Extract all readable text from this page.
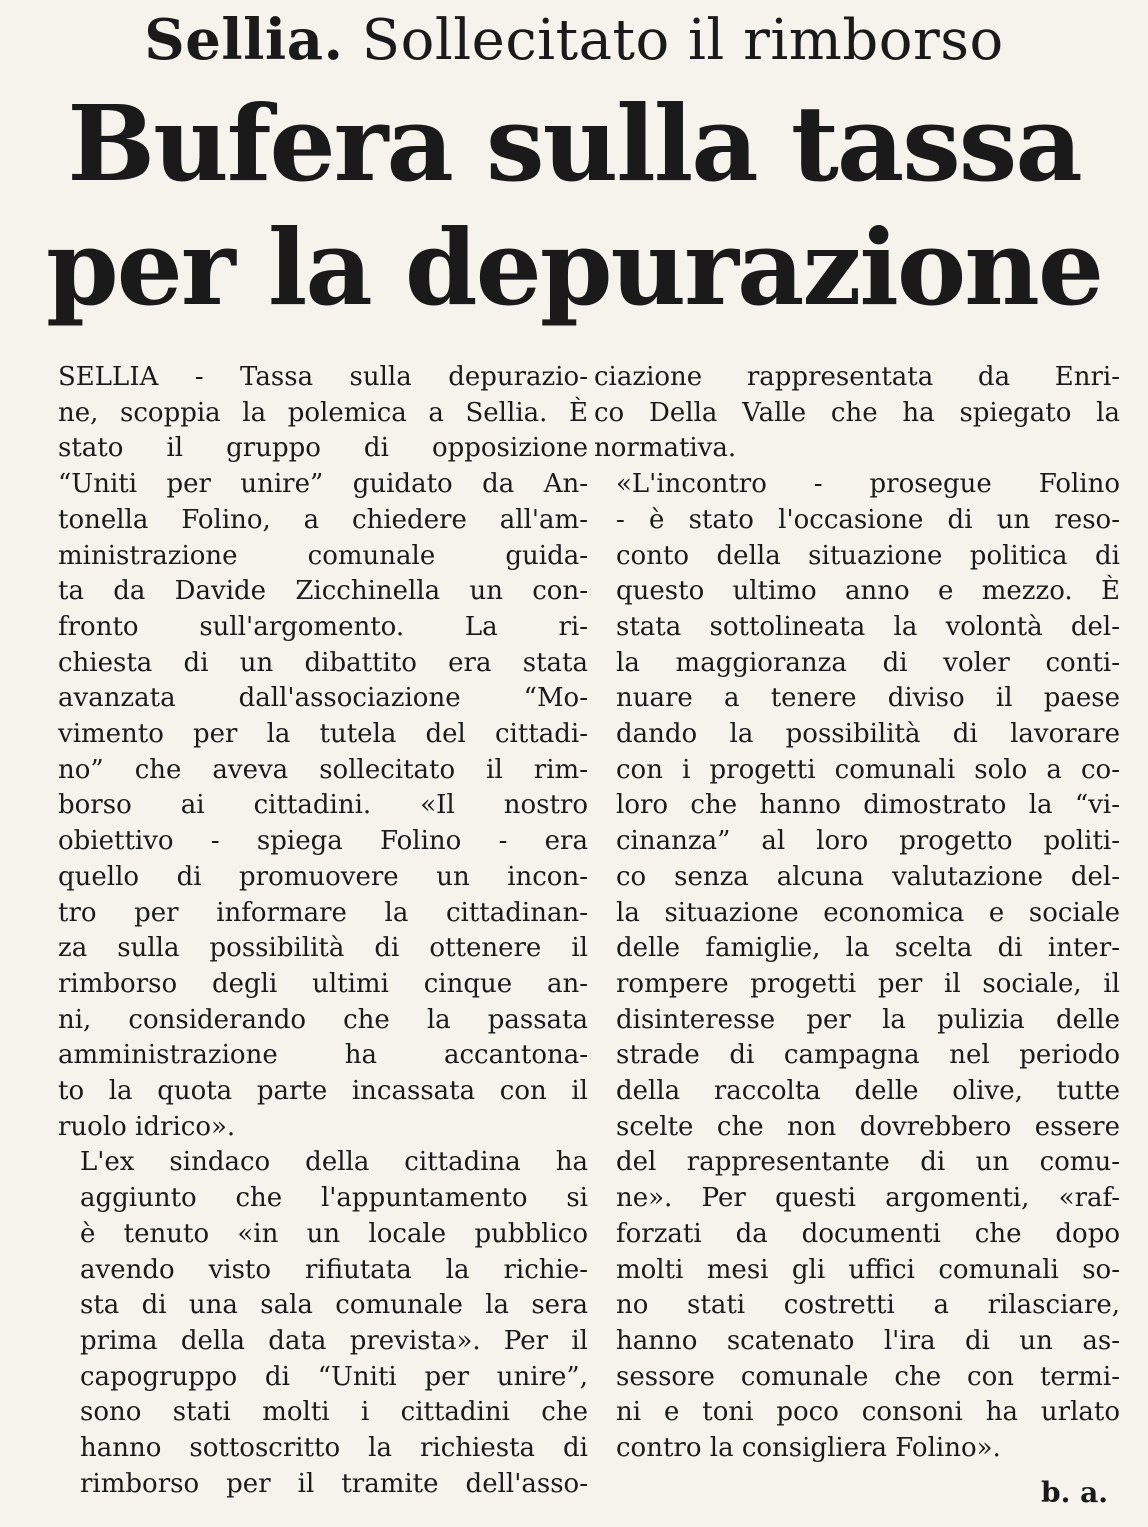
Sellia. Sollecitato il rimborso
Bufera sulla tassa
per la depurazione

SELLIA - Tassa sulla depurazio-
ne, scoppia la polemica a Sellia. È
stato il gruppo di opposizione
“Uniti per unire” guidato da An-
tonella Folino, a chiedere all'am-
ministrazione comunale guida-
ta da Davide Zicchinella un con-
fronto sull'argomento. La ri-
chiesta di un dibattito era stata
avanzata dall'associazione “Mo-
vimento per la tutela del cittadi-
no” che aveva sollecitato il rim-
borso ai cittadini. «Il nostro
obiettivo - spiega Folino - era
quello di promuovere un incon-
tro per informare la cittadinan-
za sulla possibilità di ottenere il
rimborso degli ultimi cinque an-
ni, considerando che la passata
amministrazione ha accantona-
to la quota parte incassata con il
ruolo idrico».

L'ex sindaco della cittadina ha
aggiunto che l'appuntamento si
è tenuto «in un locale pubblico
avendo visto rifiutata la richie-
sta di una sala comunale la sera
prima della data prevista». Per il
capogruppo di “Uniti per unire”,
sono stati molti i cittadini che
hanno sottoscritto la richiesta di
rimborso per il tramite dell'asso-

ciazione rappresentata da Enri-
co Della Valle che ha spiegato la
normativa.

«L'incontro - prosegue Folino
- è stato l'occasione di un reso-
conto della situazione politica di
questo ultimo anno e mezzo. È
stata sottolineata la volontà del-
la maggioranza di voler conti-
nuare a tenere diviso il paese
dando la possibilità di lavorare
con i progetti comunali solo a co-
loro che hanno dimostrato la “vi-
cinanza” al loro progetto politi-
co senza alcuna valutazione del-
la situazione economica e sociale
delle famiglie, la scelta di inter-
rompere progetti per il sociale, il
disinteresse per la pulizia delle
strade di campagna nel periodo
della raccolta delle olive, tutte
scelte che non dovrebbero essere
del rappresentante di un comu-
ne». Per questi argomenti, «raf-
forzati da documenti che dopo
molti mesi gli uffici comunali so-
no stati costretti a rilasciare,
hanno scatenato l'ira di un as-
sessore comunale che con termi-
ni e toni poco consoni ha urlato
contro la consigliera Folino».

b. a.
